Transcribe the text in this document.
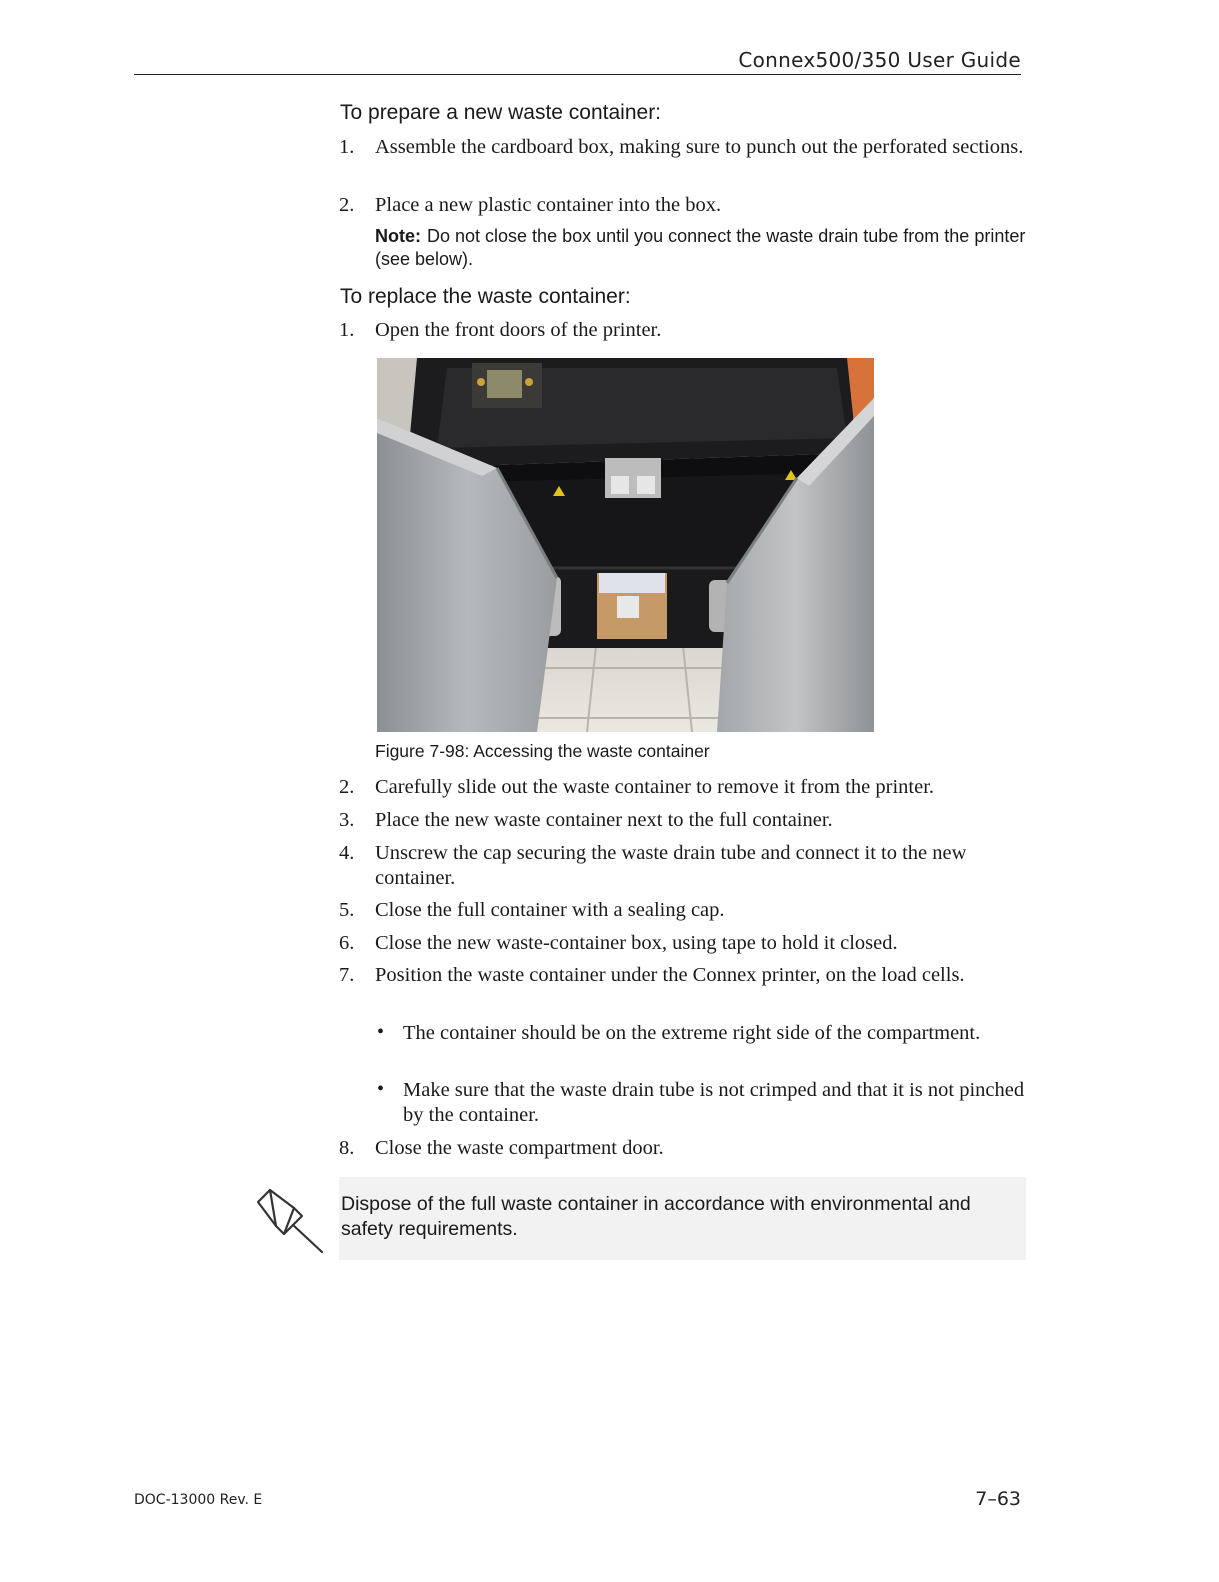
Connex500/350 User Guide
To prepare a new waste container:
1. Assemble the cardboard box, making sure to punch out the perforated sections.
2. Place a new plastic container into the box.
Note: Do not close the box until you connect the waste drain tube from the printer (see below).
To replace the waste container:
1. Open the front doors of the printer.
Figure 7-98: Accessing the waste container
2. Carefully slide out the waste container to remove it from the printer.
3. Place the new waste container next to the full container.
4. Unscrew the cap securing the waste drain tube and connect it to the new container.
5. Close the full container with a sealing cap.
6. Close the new waste-container box, using tape to hold it closed.
7. Position the waste container under the Connex printer, on the load cells.
• The container should be on the extreme right side of the compartment.
• Make sure that the waste drain tube is not crimped and that it is not pinched by the container.
8. Close the waste compartment door.
Dispose of the full waste container in accordance with environmental and safety requirements.
DOC-13000 Rev. E	7–63
